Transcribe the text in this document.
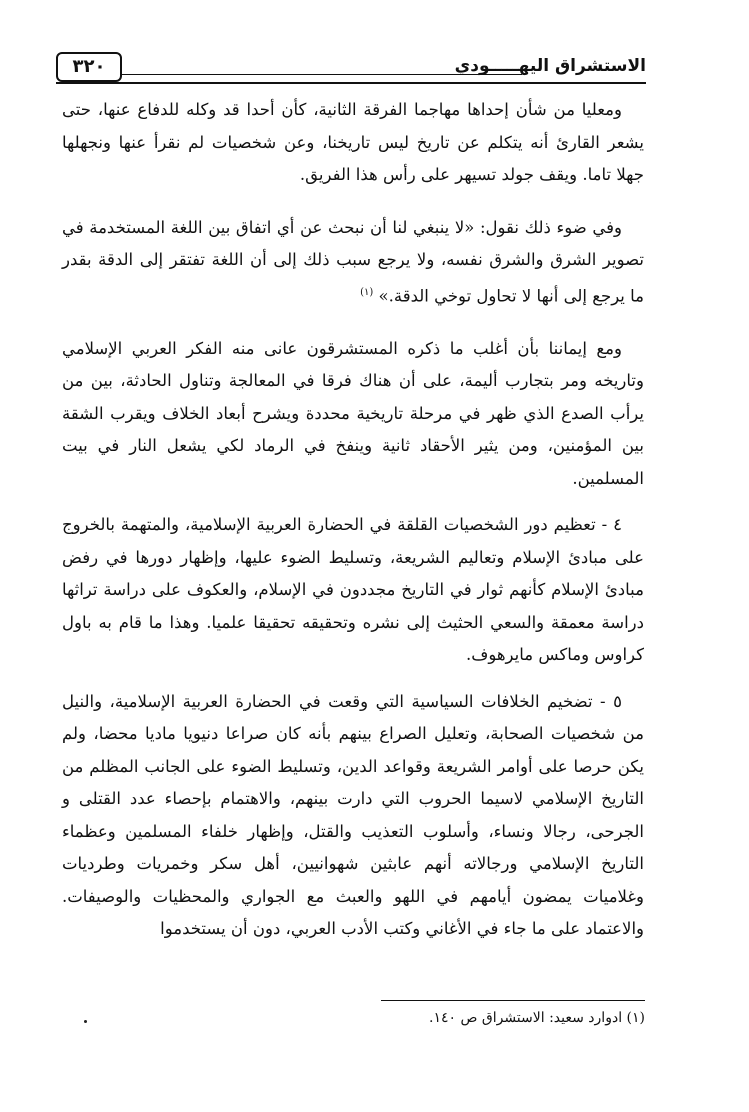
الاستشراق اليهـــــودي
٣٢٠

ومعليا من شأن إحداها مهاجما الفرقة الثانية، كأن أحدا قد وكله للدفاع عنها، حتى يشعر القارئ أنه يتكلم عن تاريخ ليس تاريخنا، وعن شخصيات لم نقرأ عنها ونجهلها جهلا تاما. ويقف جولد تسيهر على رأس هذا الفريق.

وفي ضوء ذلك نقول: «لا ينبغي لنا أن نبحث عن أي اتفاق بين اللغة المستخدمة في تصوير الشرق والشرق نفسه، ولا يرجع سبب ذلك إلى أن اللغة تفتقر إلى الدقة بقدر ما يرجع إلى أنها لا تحاول توخي الدقة.» $^{(١)}$

ومع إيماننا بأن أغلب ما ذكره المستشرقون عانى منه الفكر العربي الإسلامي وتاريخه ومر بتجارب أليمة، على أن هناك فرقا في المعالجة وتناول الحادثة، بين من يرأب الصدع الذي ظهر في مرحلة تاريخية محددة ويشرح أبعاد الخلاف ويقرب الشقة بين المؤمنين، ومن يثير الأحقاد ثانية وينفخ في الرماد لكي يشعل النار في بيت المسلمين.

٤ - تعظيم دور الشخصيات القلقة في الحضارة العربية الإسلامية، والمتهمة بالخروج على مبادئ الإسلام وتعاليم الشريعة، وتسليط الضوء عليها، وإظهار دورها في رفض مبادئ الإسلام كأنهم ثوار في التاريخ مجددون في الإسلام، والعكوف على دراسة تراثها دراسة معمقة والسعي الحثيث إلى نشره وتحقيقه تحقيقا علميا. وهذا ما قام به باول كراوس وماكس مايرهوف.

٥ - تضخيم الخلافات السياسية التي وقعت في الحضارة العربية الإسلامية، والنيل من شخصيات الصحابة، وتعليل الصراع بينهم بأنه كان صراعا دنيويا ماديا محضا، ولم يكن حرصا على أوامر الشريعة وقواعد الدين، وتسليط الضوء على الجانب المظلم من التاريخ الإسلامي لاسيما الحروب التي دارت بينهم، والاهتمام بإحصاء عدد القتلى و الجرحى، رجالا ونساء، وأسلوب التعذيب والقتل، وإظهار خلفاء المسلمين وعظماء التاريخ الإسلامي ورجالاته أنهم عابثين شهوانيين، أهل سكر وخمريات وطرديات وغلاميات يمضون أيامهم في اللهو والعبث مع الجواري والمحظيات والوصيفات. والاعتماد على ما جاء في الأغاني وكتب الأدب العربي، دون أن يستخدموا

(١) ادوارد سعيد: الاستشراق ص ١٤٠.
